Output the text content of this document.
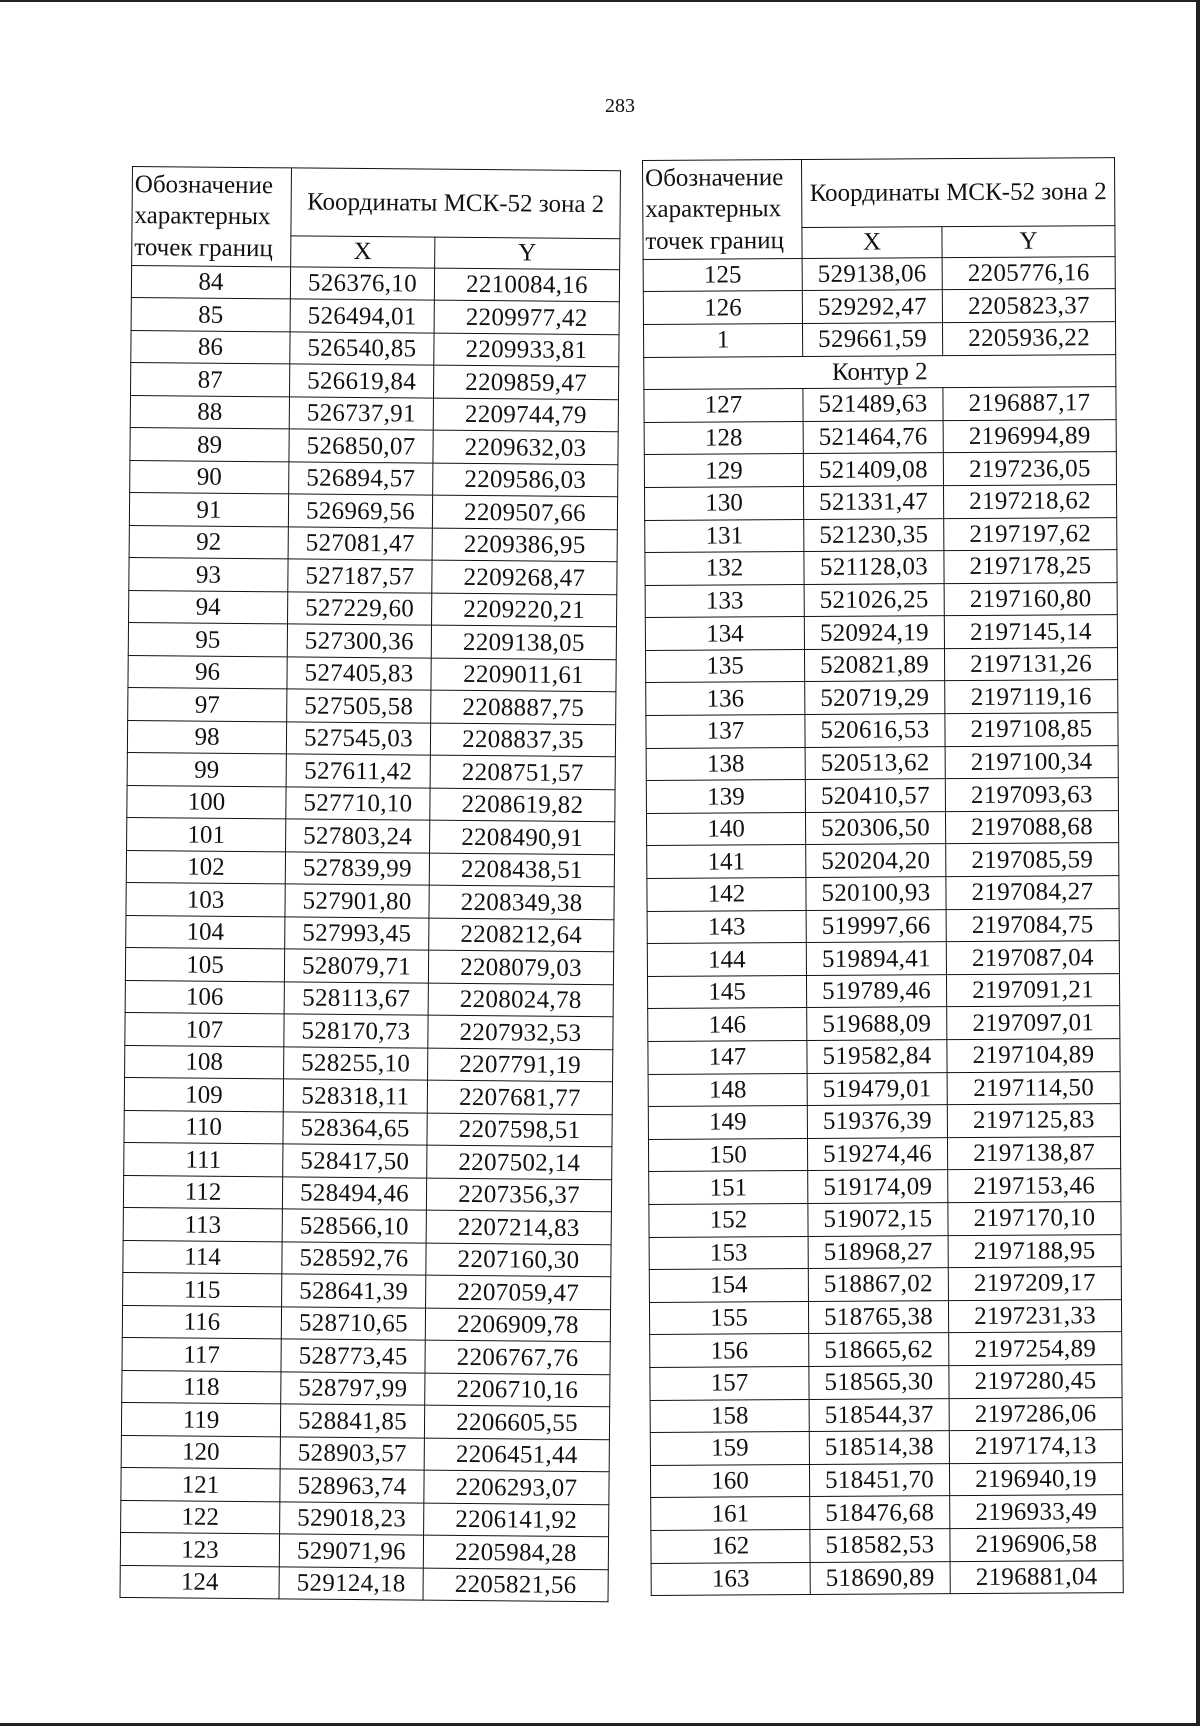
283
Обозначение характерных точек границ	Координаты МСК-52 зона 2	
	X	Y
84	526376,10	2210084,16
85	526494,01	2209977,42
86	526540,85	2209933,81
87	526619,84	2209859,47
88	526737,91	2209744,79
89	526850,07	2209632,03
90	526894,57	2209586,03
91	526969,56	2209507,66
92	527081,47	2209386,95
93	527187,57	2209268,47
94	527229,60	2209220,21
95	527300,36	2209138,05
96	527405,83	2209011,61
97	527505,58	2208887,75
98	527545,03	2208837,35
99	527611,42	2208751,57
100	527710,10	2208619,82
101	527803,24	2208490,91
102	527839,99	2208438,51
103	527901,80	2208349,38
104	527993,45	2208212,64
105	528079,71	2208079,03
106	528113,67	2208024,78
107	528170,73	2207932,53
108	528255,10	2207791,19
109	528318,11	2207681,77
110	528364,65	2207598,51
111	528417,50	2207502,14
112	528494,46	2207356,37
113	528566,10	2207214,83
114	528592,76	2207160,30
115	528641,39	2207059,47
116	528710,65	2206909,78
117	528773,45	2206767,76
118	528797,99	2206710,16
119	528841,85	2206605,55
120	528903,57	2206451,44
121	528963,74	2206293,07
122	529018,23	2206141,92
123	529071,96	2205984,28
124	529124,18	2205821,56
Обозначение характерных точек границ	Координаты МСК-52 зона 2	
	X	Y
125	529138,06	2205776,16
126	529292,47	2205823,37
1	529661,59	2205936,22
Контур 2		
127	521489,63	2196887,17
128	521464,76	2196994,89
129	521409,08	2197236,05
130	521331,47	2197218,62
131	521230,35	2197197,62
132	521128,03	2197178,25
133	521026,25	2197160,80
134	520924,19	2197145,14
135	520821,89	2197131,26
136	520719,29	2197119,16
137	520616,53	2197108,85
138	520513,62	2197100,34
139	520410,57	2197093,63
140	520306,50	2197088,68
141	520204,20	2197085,59
142	520100,93	2197084,27
143	519997,66	2197084,75
144	519894,41	2197087,04
145	519789,46	2197091,21
146	519688,09	2197097,01
147	519582,84	2197104,89
148	519479,01	2197114,50
149	519376,39	2197125,83
150	519274,46	2197138,87
151	519174,09	2197153,46
152	519072,15	2197170,10
153	518968,27	2197188,95
154	518867,02	2197209,17
155	518765,38	2197231,33
156	518665,62	2197254,89
157	518565,30	2197280,45
158	518544,37	2197286,06
159	518514,38	2197174,13
160	518451,70	2196940,19
161	518476,68	2196933,49
162	518582,53	2196906,58
163	518690,89	2196881,04
